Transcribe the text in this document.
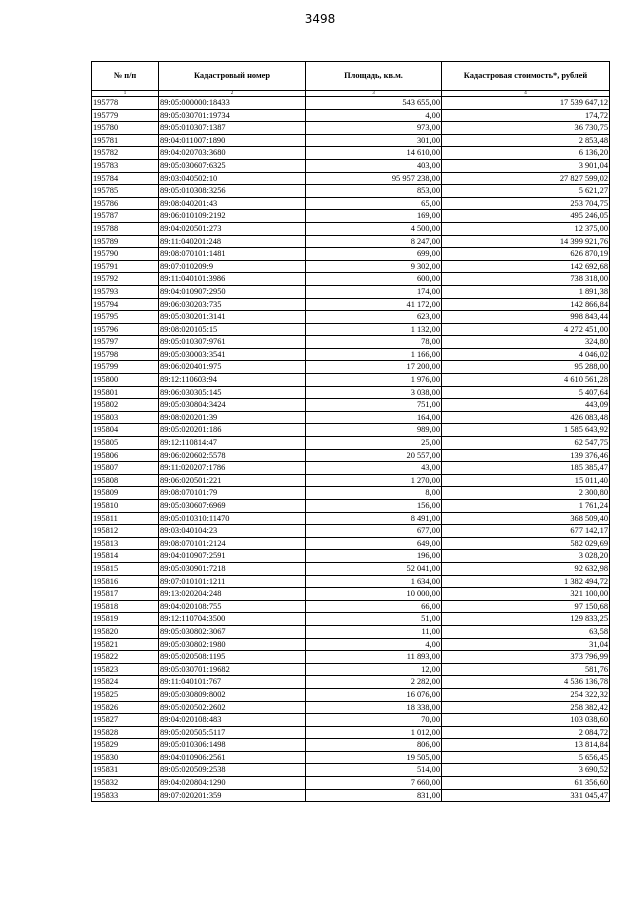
3498
№ п/п	Кадастровый номер	Площадь, кв.м.	Кадастровая стоимость*, рублей
1	2	3	4
195778	89:05:000000:18433	543 655,00	17 539 647,12
195779	89:05:030701:19734	4,00	174,72
195780	89:05:010307:1387	973,00	36 730,75
195781	89:04:011007:1890	301,00	2 853,48
195782	89:04:020703:3680	14 610,00	6 136,20
195783	89:05:030607:6325	403,00	3 901,04
195784	89:03:040502:10	95 957 238,00	27 827 599,02
195785	89:05:010308:3256	853,00	5 621,27
195786	89:08:040201:43	65,00	253 704,75
195787	89:06:010109:2192	169,00	495 246,05
195788	89:04:020501:273	4 500,00	12 375,00
195789	89:11:040201:248	8 247,00	14 399 921,76
195790	89:08:070101:1481	699,00	626 870,19
195791	89:07:010209:9	9 302,00	142 692,68
195792	89:11:040101:3986	600,00	738 318,00
195793	89:04:010907:2950	174,00	1 891,38
195794	89:06:030203:735	41 172,00	142 866,84
195795	89:05:030201:3141	623,00	998 843,44
195796	89:08:020105:15	1 132,00	4 272 451,00
195797	89:05:010307:9761	78,00	324,80
195798	89:05:030003:3541	1 166,00	4 046,02
195799	89:06:020401:975	17 200,00	95 288,00
195800	89:12:110603:94	1 976,00	4 610 561,28
195801	89:06:030305:145	3 038,00	5 407,64
195802	89:05:030804:3424	751,00	443,09
195803	89:08:020201:39	164,00	426 083,48
195804	89:05:020201:186	989,00	1 585 643,92
195805	89:12:110814:47	25,00	62 547,75
195806	89:06:020602:5578	20 557,00	139 376,46
195807	89:11:020207:1786	43,00	185 385,47
195808	89:06:020501:221	1 270,00	15 011,40
195809	89:08:070101:79	8,00	2 300,80
195810	89:05:030607:6969	156,00	1 761,24
195811	89:05:010310:11470	8 491,00	368 509,40
195812	89:03:040104:23	677,00	677 142,17
195813	89:08:070101:2124	649,00	582 029,69
195814	89:04:010907:2591	196,00	3 028,20
195815	89:05:030901:7218	52 041,00	92 632,98
195816	89:07:010101:1211	1 634,00	1 382 494,72
195817	89:13:020204:248	10 000,00	321 100,00
195818	89:04:020108:755	66,00	97 150,68
195819	89:12:110704:3500	51,00	129 833,25
195820	89:05:030802:3067	11,00	63,58
195821	89:05:030802:1980	4,00	31,04
195822	89:05:020508:1195	11 893,00	373 796,99
195823	89:05:030701:19682	12,00	581,76
195824	89:11:040101:767	2 282,00	4 536 136,78
195825	89:05:030809:8002	16 076,00	254 322,32
195826	89:05:020502:2602	18 338,00	258 382,42
195827	89:04:020108:483	70,00	103 038,60
195828	89:05:020505:5117	1 012,00	2 084,72
195829	89:05:010306:1498	806,00	13 814,84
195830	89:04:010906:2561	19 505,00	5 656,45
195831	89:05:020509:2538	514,00	3 690,52
195832	89:04:020804:1290	7 660,00	61 356,60
195833	89:07:020201:359	831,00	331 045,47
